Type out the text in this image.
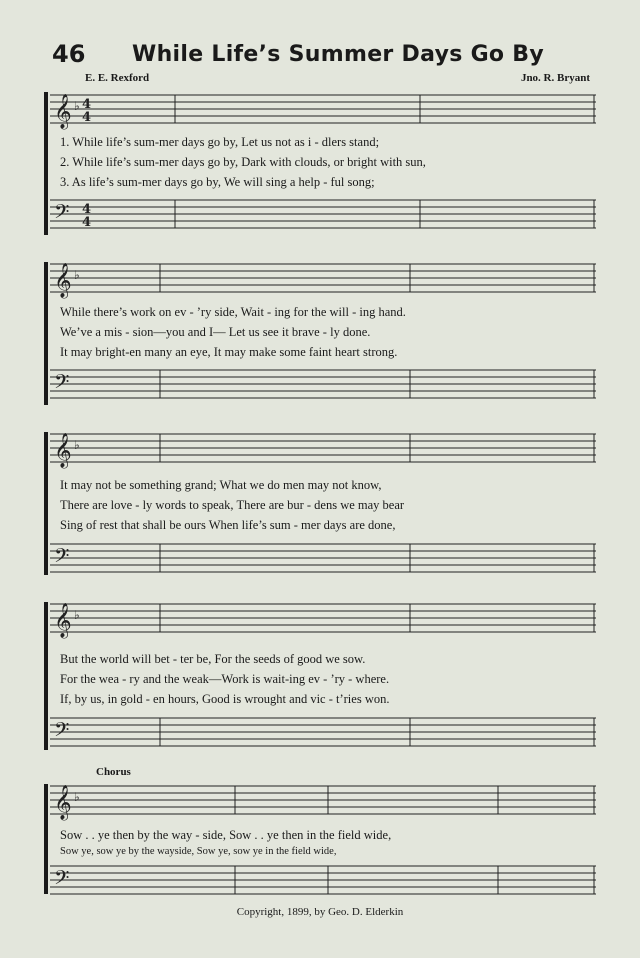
46 While Life’s Summer Days Go By
E. E. Rexford	Jno. R. Bryant
𝄞 4
4
♭
1. While life’s sum-mer days go by, Let us not as i - dlers stand;
2. While life’s sum-mer days go by, Dark with clouds, or bright with sun,
3. As life’s sum-mer days go by, We will sing a help - ful song;
𝄢 4
4
𝄞 ♭
While there’s work on ev - ’ry side, Wait - ing for the will - ing hand.
We’ve a mis - sion—you and I— Let us see it brave - ly done.
It may bright-en many an eye, It may make some faint heart strong.
𝄢
𝄞 ♭
It may not be something grand; What we do men may not know,
There are love - ly words to speak, There are bur - dens we may bear
Sing of rest that shall be ours When life’s sum - mer days are done,
𝄢
𝄞 ♭
But the world will bet - ter be, For the seeds of good we sow.
For the wea - ry and the weak—Work is wait-ing ev - ’ry - where.
If, by us, in gold - en hours, Good is wrought and vic - t’ries won.
𝄢
Chorus
𝄞 ♭
Sow . . ye then by the way - side, Sow . . ye then in the field wide,
Sow ye, sow ye by the wayside, Sow ye, sow ye in the field wide,
𝄢
Copyright, 1899, by Geo. D. Elderkin
